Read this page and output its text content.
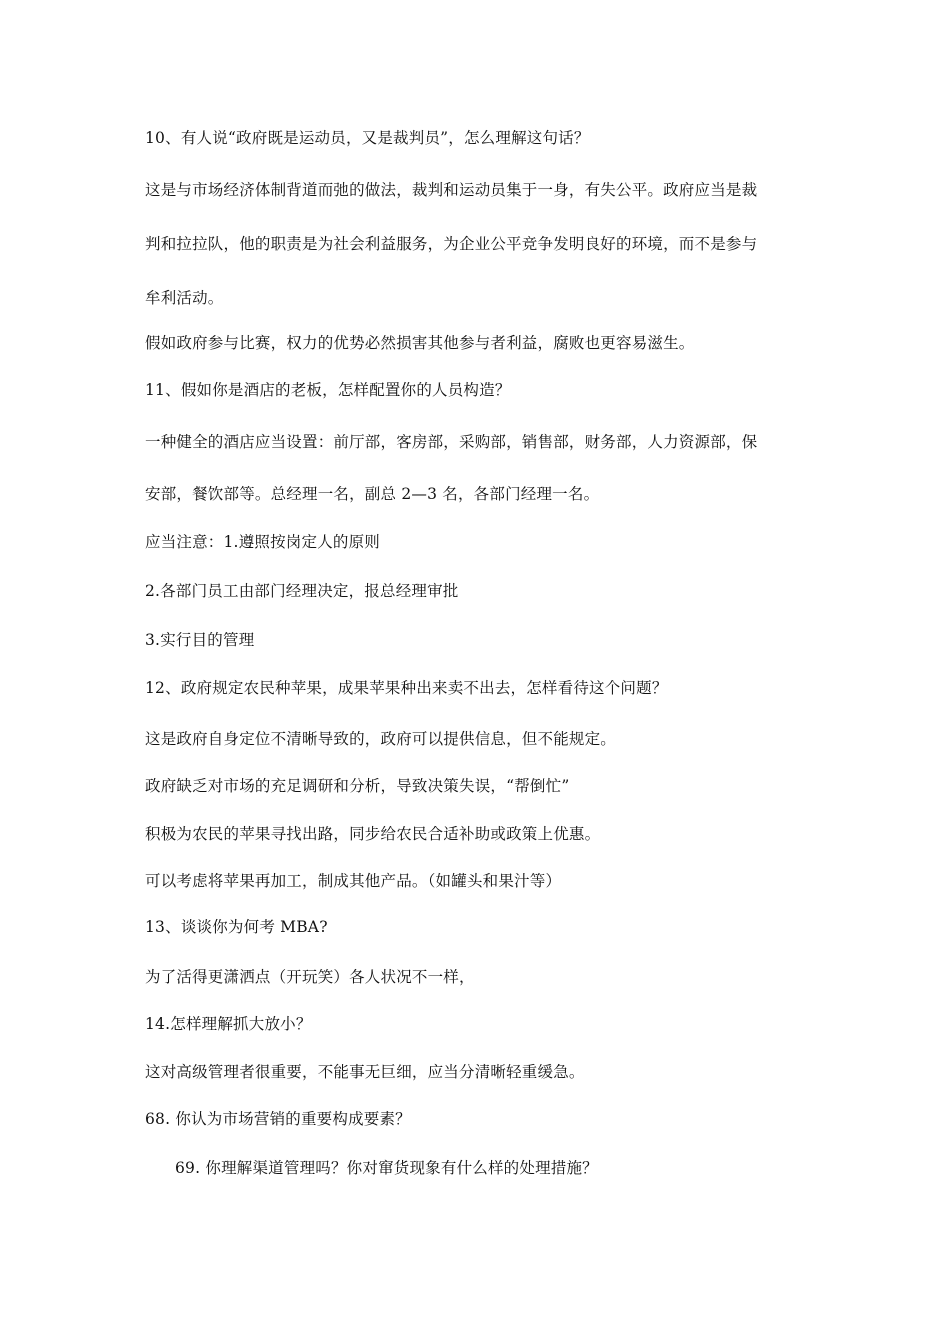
10、有人说“政府既是运动员，又是裁判员”，怎么理解这句话？
这是与市场经济体制背道而弛的做法，裁判和运动员集于一身，有失公平。政府应当是裁
判和拉拉队，他的职责是为社会利益服务，为企业公平竞争发明良好的环境，而不是参与
牟利活动。
假如政府参与比赛，权力的优势必然损害其他参与者利益，腐败也更容易滋生。
11、假如你是酒店的老板，怎样配置你的人员构造？
一种健全的酒店应当设置：前厅部，客房部，采购部，销售部，财务部，人力资源部，保
安部，餐饮部等。总经理一名，副总 2—3 名，各部门经理一名。
应当注意：1.遵照按岗定人的原则
2.各部门员工由部门经理决定，报总经理审批
3.实行目的管理
12、政府规定农民种苹果，成果苹果种出来卖不出去，怎样看待这个问题？
这是政府自身定位不清晰导致的，政府可以提供信息，但不能规定。
政府缺乏对市场的充足调研和分析，导致决策失误，“帮倒忙”
积极为农民的苹果寻找出路，同步给农民合适补助或政策上优惠。
可以考虑将苹果再加工，制成其他产品。（如罐头和果汁等）
13、谈谈你为何考 MBA?
为了活得更潇洒点（开玩笑）各人状况不一样，
14.怎样理解抓大放小？
这对高级管理者很重要，不能事无巨细，应当分清晰轻重缓急。
68. 你认为市场营销的重要构成要素？
69. 你理解渠道管理吗？你对窜货现象有什么样的处理措施？
